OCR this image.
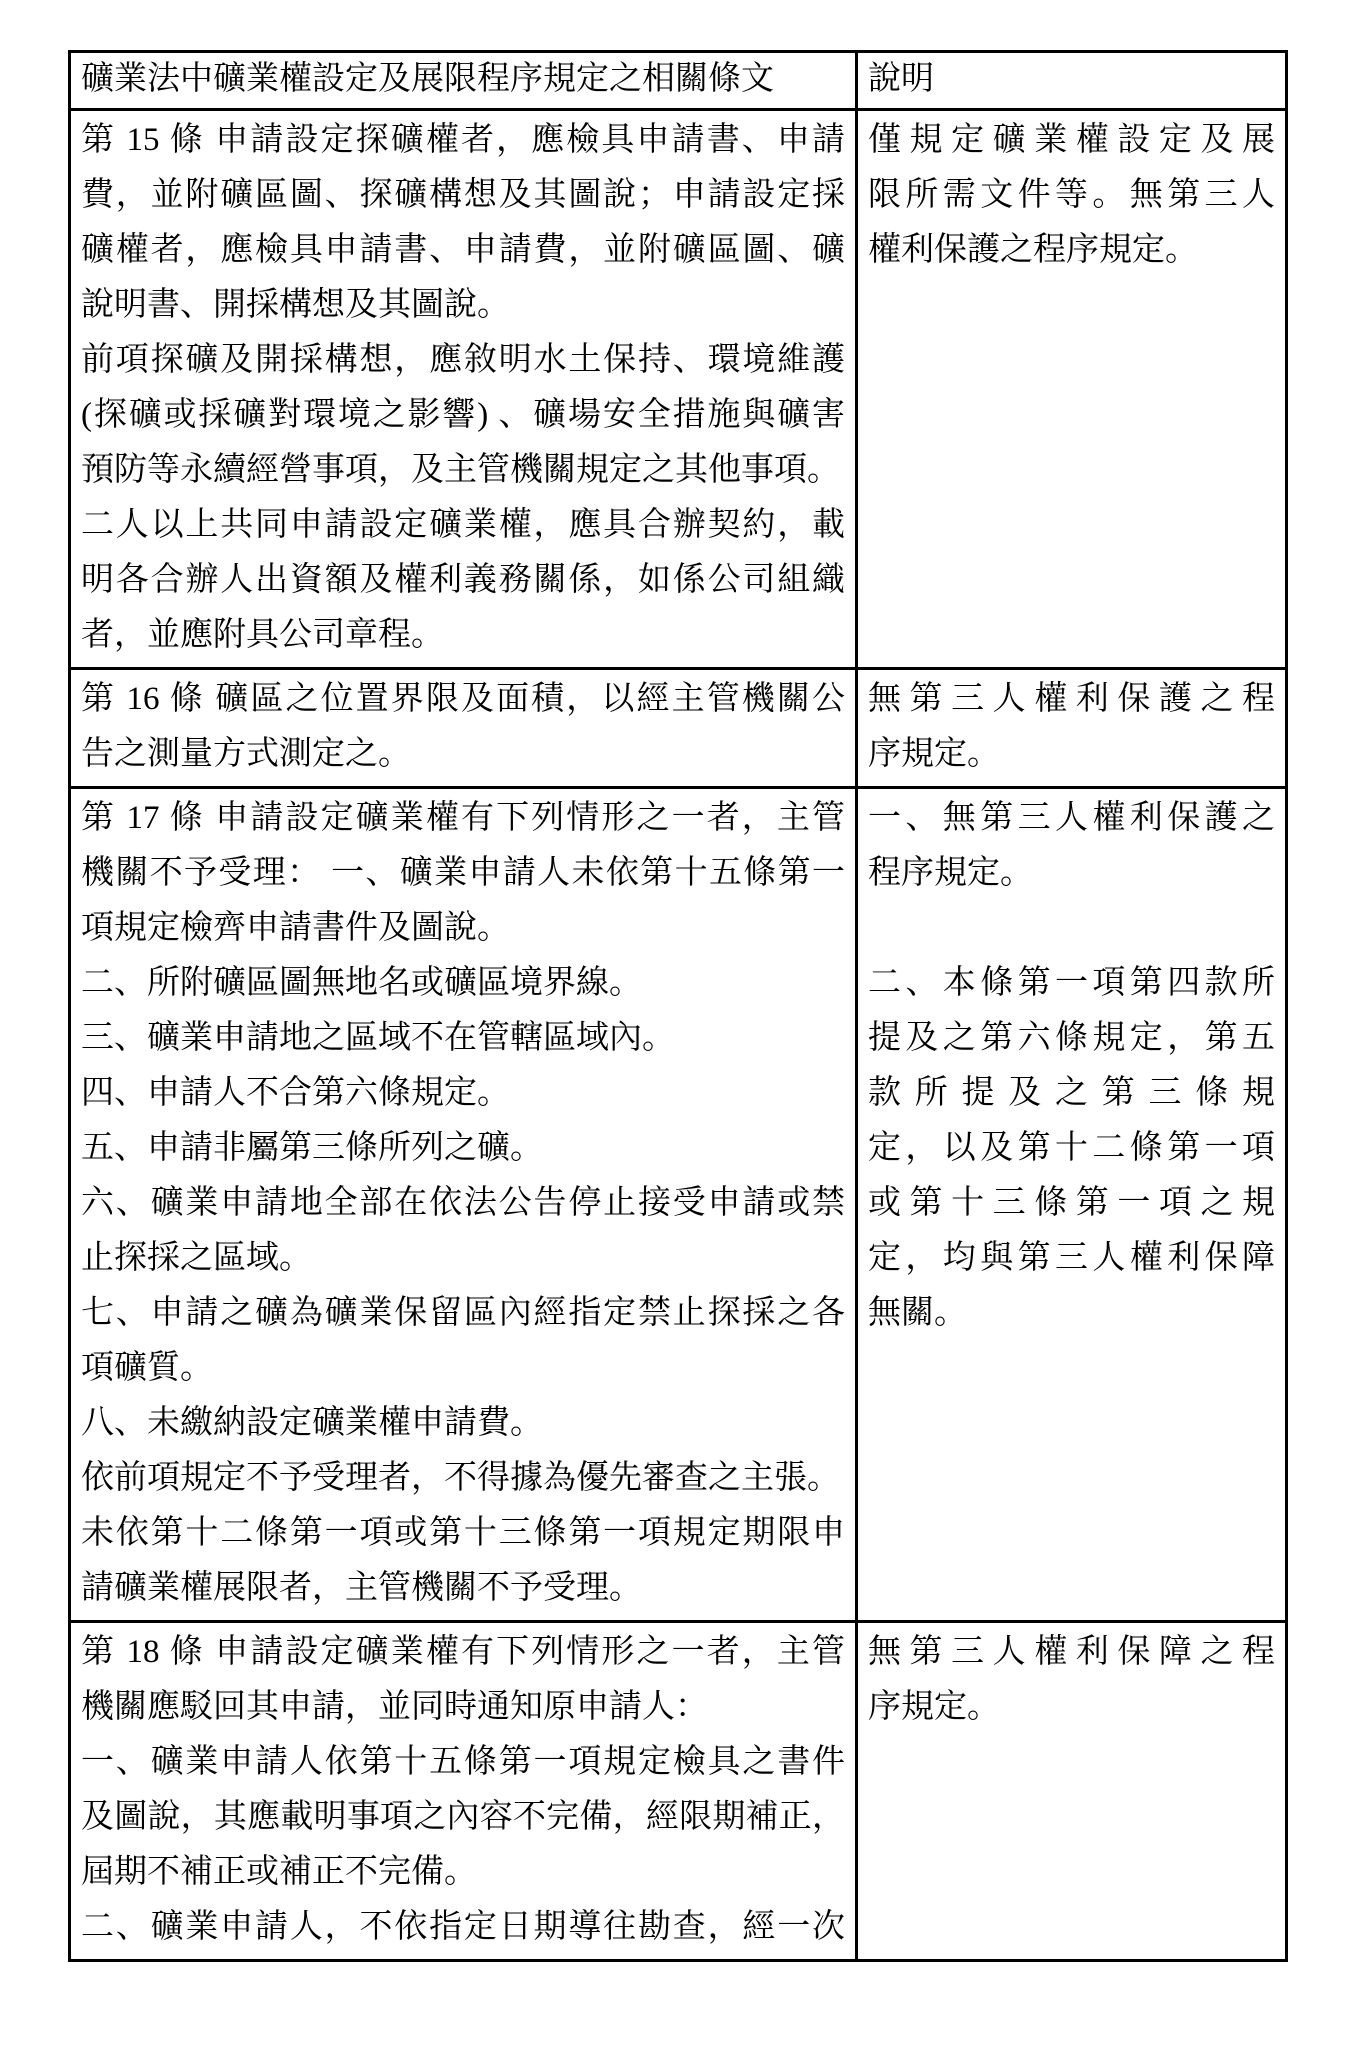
礦業法中礦業權設定及展限程序規定之相關條文	說明
第 15 條 申請設定探礦權者，應檢具申請書、申請
費，並附礦區圖、探礦構想及其圖說；申請設定採
礦權者，應檢具申請書、申請費，並附礦區圖、礦
說明書、開採構想及其圖說。
前項探礦及開採構想，應敘明水土保持、環境維護
(探礦或採礦對環境之影響) 、礦場安全措施與礦害
預防等永續經營事項，及主管機關規定之其他事項。
二人以上共同申請設定礦業權，應具合辦契約，載
明各合辦人出資額及權利義務關係，如係公司組織
者，並應附具公司章程。
僅規定礦業權設定及展
限所需文件等。無第三人
權利保護之程序規定。
第 16 條 礦區之位置界限及面積，以經主管機關公
告之測量方式測定之。
無第三人權利保護之程
序規定。
第 17 條 申請設定礦業權有下列情形之一者，主管
機關不予受理： 一、礦業申請人未依第十五條第一
項規定檢齊申請書件及圖說。
二、所附礦區圖無地名或礦區境界線。
三、礦業申請地之區域不在管轄區域內。
四、申請人不合第六條規定。
五、申請非屬第三條所列之礦。
六、礦業申請地全部在依法公告停止接受申請或禁
止探採之區域。
七、申請之礦為礦業保留區內經指定禁止探採之各
項礦質。
八、未繳納設定礦業權申請費。
依前項規定不予受理者，不得據為優先審查之主張。
未依第十二條第一項或第十三條第一項規定期限申
請礦業權展限者，主管機關不予受理。
一、無第三人權利保護之
程序規定。
二、本條第一項第四款所
提及之第六條規定，第五
款所提及之第三條規
定，以及第十二條第一項
或第十三條第一項之規
定，均與第三人權利保障
無關。
第 18 條 申請設定礦業權有下列情形之一者，主管
機關應駁回其申請，並同時通知原申請人：
一、礦業申請人依第十五條第一項規定檢具之書件
及圖說，其應載明事項之內容不完備，經限期補正，
屆期不補正或補正不完備。
二、礦業申請人，不依指定日期導往勘查，經一次
無第三人權利保障之程
序規定。
